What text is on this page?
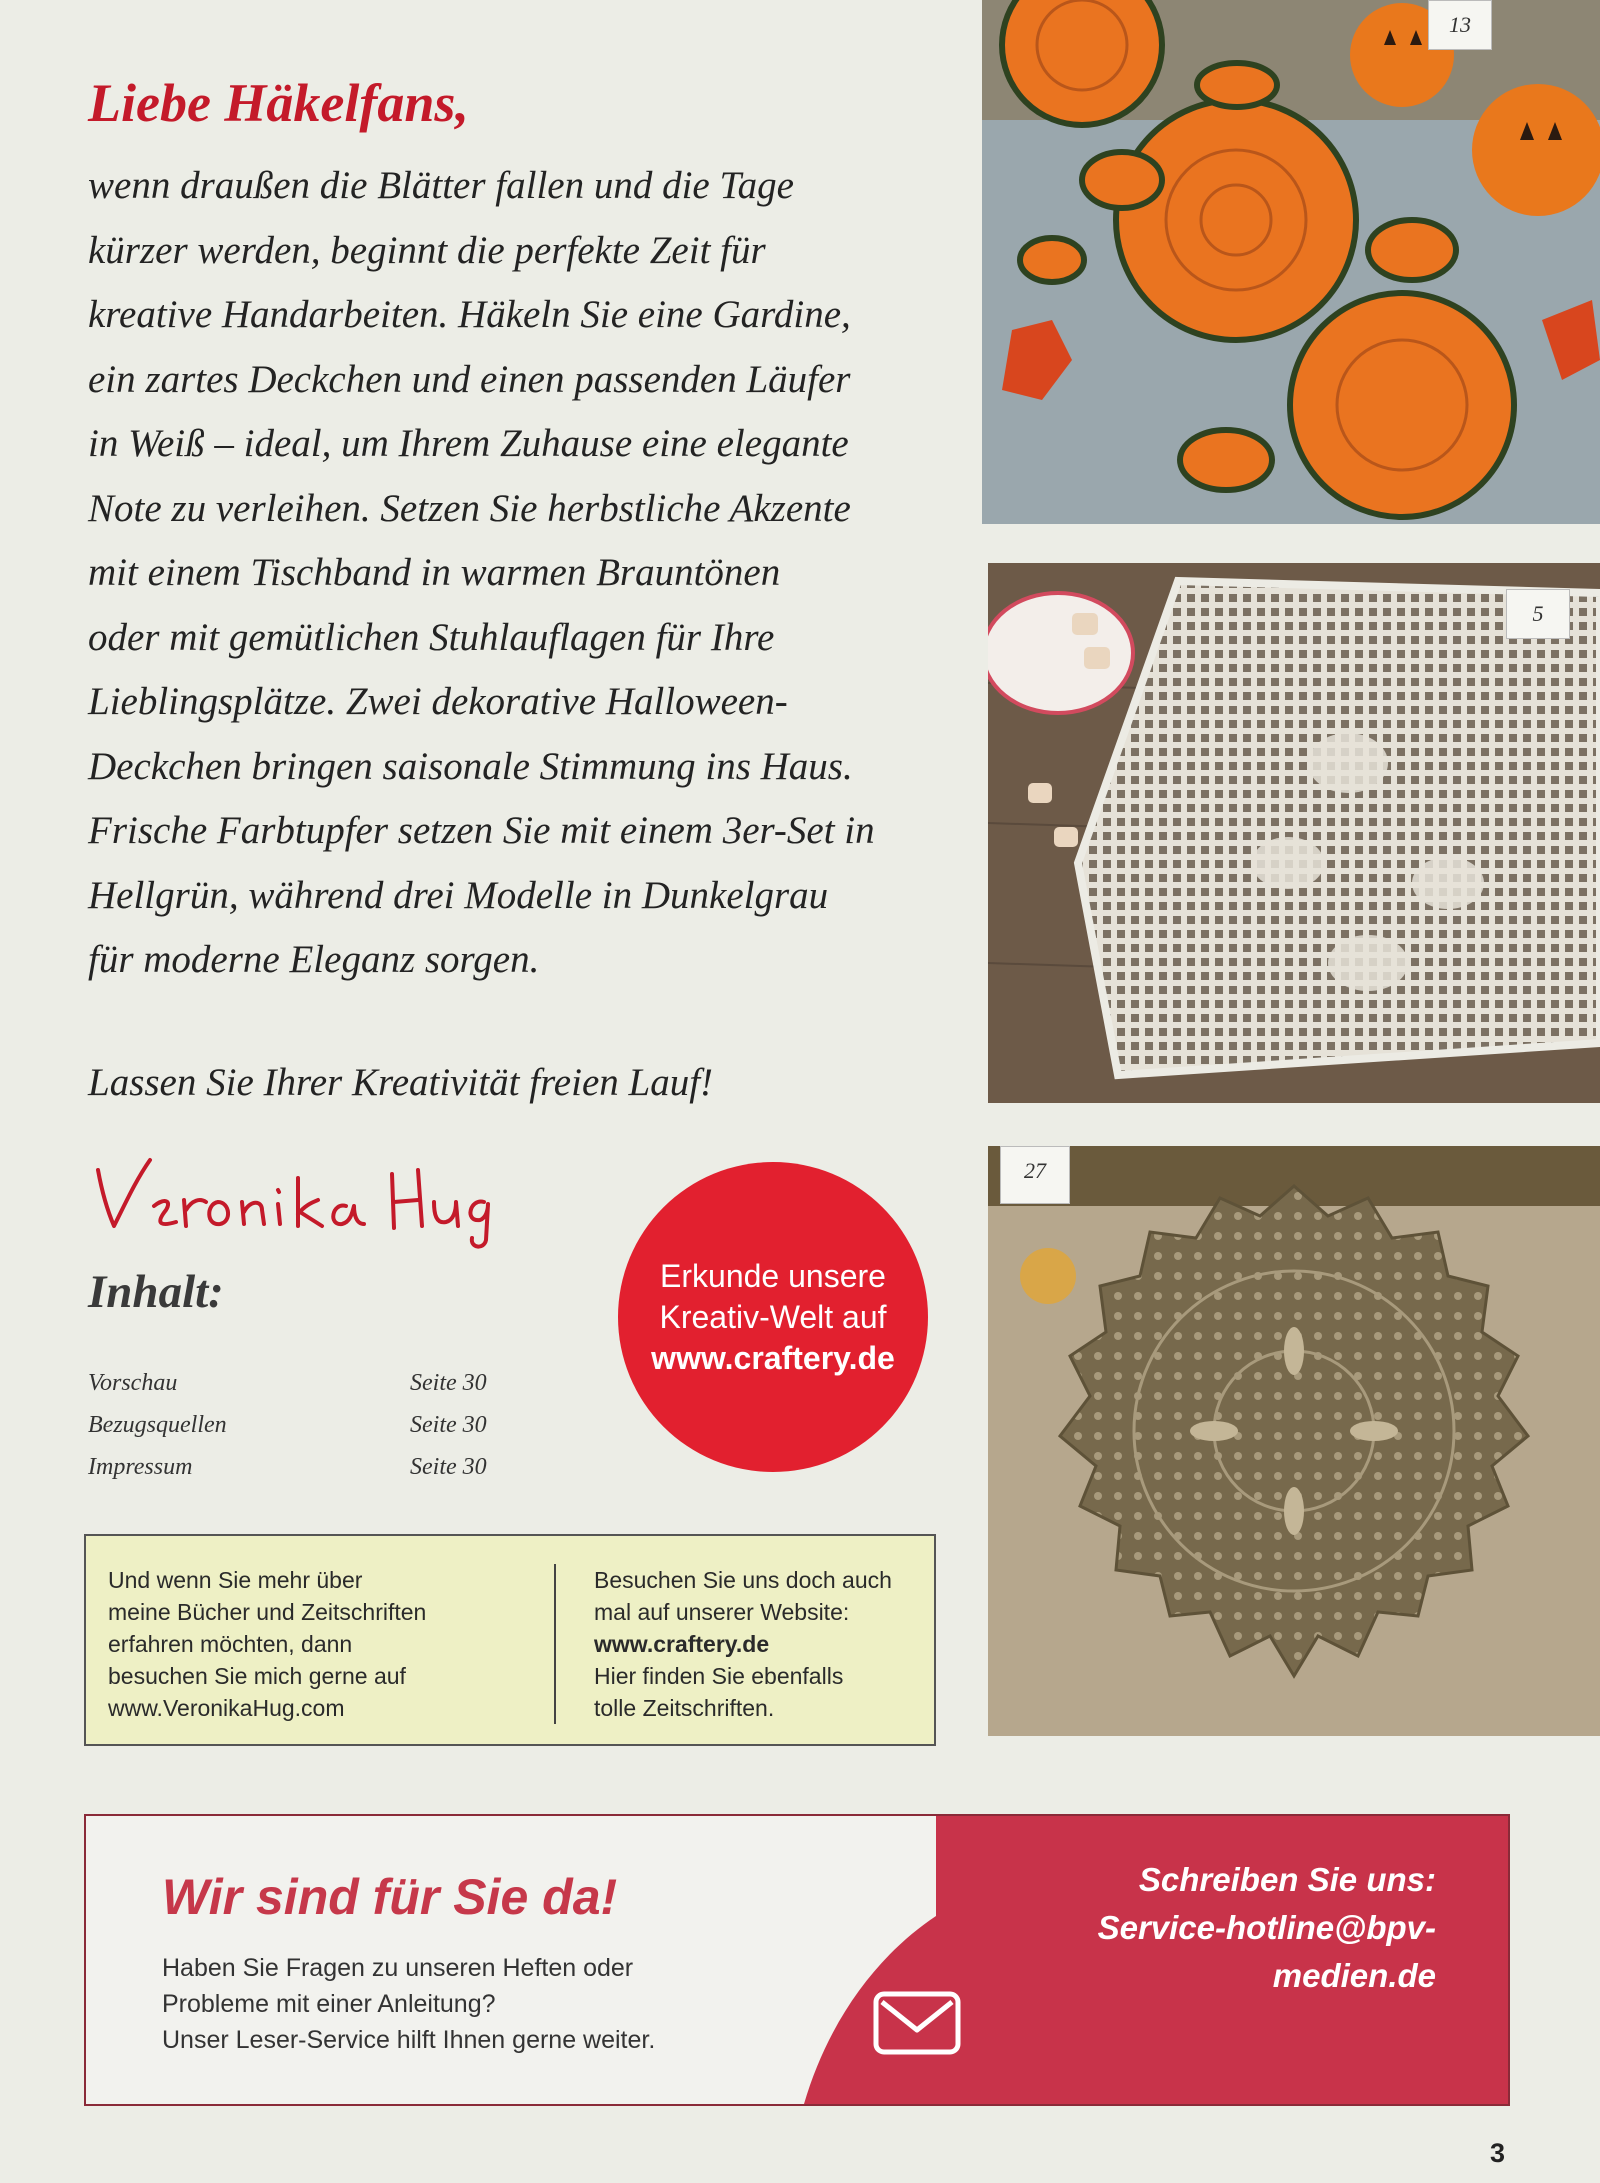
Liebe Häkelfans,
wenn draußen die Blätter fallen und die Tage
kürzer werden, beginnt die perfekte Zeit für
kreative Handarbeiten. Häkeln Sie eine Gardine,
ein zartes Deckchen und einen passenden Läufer
in Weiß – ideal, um Ihrem Zuhause eine elegante
Note zu verleihen. Setzen Sie herbstliche Akzente
mit einem Tischband in warmen Brauntönen
oder mit gemütlichen Stuhlauflagen für Ihre
Lieblingsplätze. Zwei dekorative Halloween-
Deckchen bringen saisonale Stimmung ins Haus.
Frische Farbtupfer setzen Sie mit einem 3er-Set in
Hellgrün, während drei Modelle in Dunkelgrau
für moderne Eleganz sorgen.
Lassen Sie Ihrer Kreativität freien Lauf!
Inhalt:
Vorschau	Seite 30
Bezugsquellen	Seite 30
Impressum	Seite 30
Erkunde unsere
Kreativ-Welt auf
www.craftery.de
Und wenn Sie mehr über
meine Bücher und Zeitschriften
erfahren möchten, dann
besuchen Sie mich gerne auf
www.VeronikaHug.com
Besuchen Sie uns doch auch
mal auf unserer Website:
www.craftery.de
Hier finden Sie ebenfalls
tolle Zeitschriften.
13
5
27
Wir sind für Sie da!
Haben Sie Fragen zu unseren Heften oder
Probleme mit einer Anleitung?
Unser Leser-Service hilft Ihnen gerne weiter.
Schreiben Sie uns:
Service-hotline@bpv-
medien.de
3
